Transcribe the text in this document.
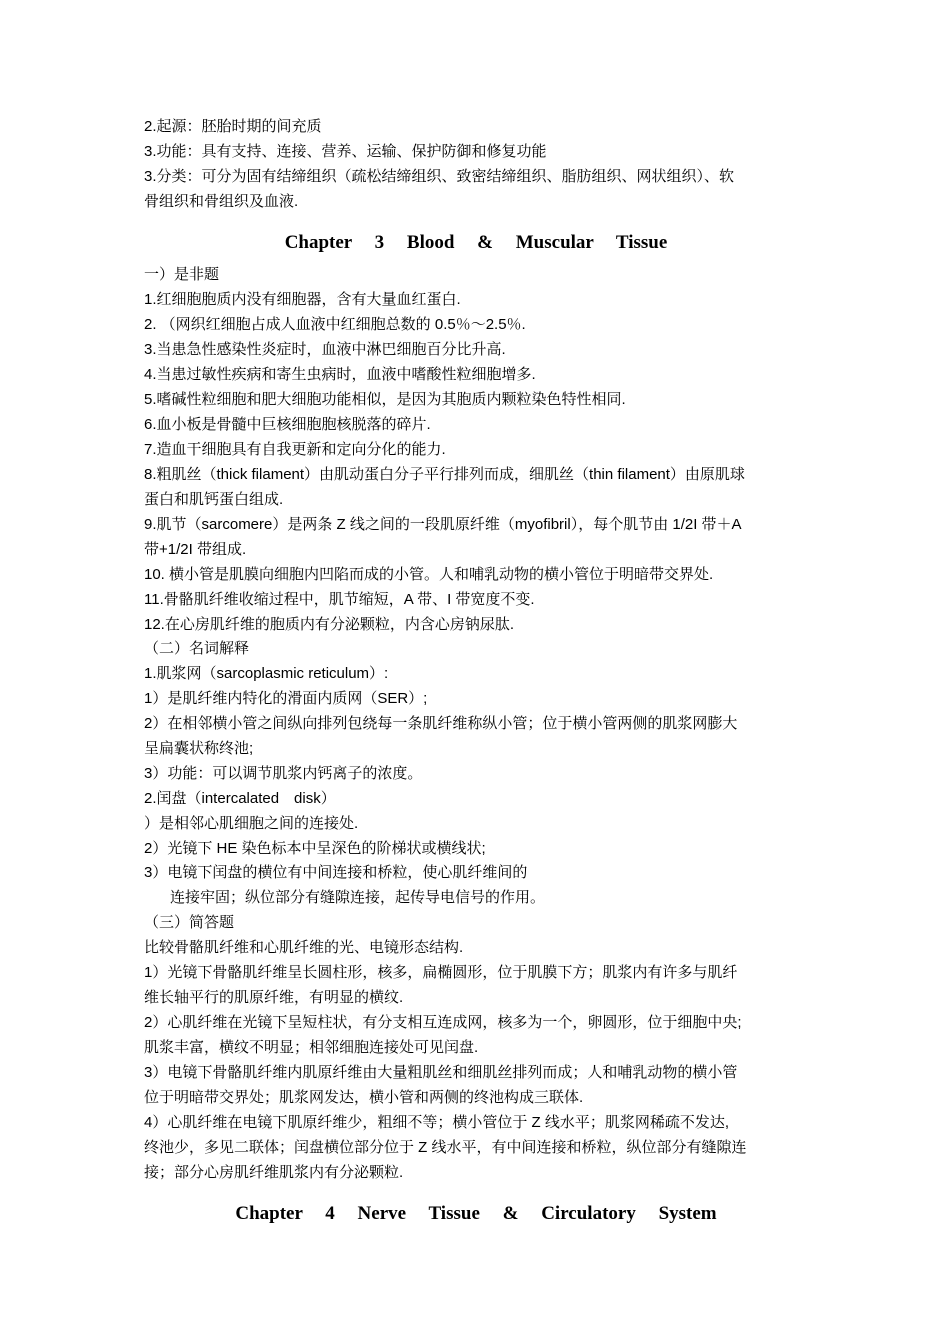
2.起源：胚胎时期的间充质
3.功能：具有支持、连接、营养、运输、保护防御和修复功能
3.分类：可分为固有结缔组织（疏松结缔组织、致密结缔组织、脂肪组织、网状组织）、软
骨组织和骨组织及血液.
Chapter 3 Blood & Muscular Tissue
一）是非题
1.红细胞胞质内没有细胞器，含有大量血红蛋白.
2. （网织红细胞占成人血液中红细胞总数的 0.5％～2.5％.
3.当患急性感染性炎症时，血液中淋巴细胞百分比升高.
4.当患过敏性疾病和寄生虫病时，血液中嗜酸性粒细胞增多.
5.嗜碱性粒细胞和肥大细胞功能相似，是因为其胞质内颗粒染色特性相同.
6.血小板是骨髓中巨核细胞胞核脱落的碎片.
7.造血干细胞具有自我更新和定向分化的能力.
8.粗肌丝（thick filament）由肌动蛋白分子平行排列而成，细肌丝（thin filament）由原肌球
蛋白和肌钙蛋白组成.
9.肌节（sarcomere）是两条 Z 线之间的一段肌原纤维（myofibril），每个肌节由 1/2I 带＋A
带+1/2I 带组成.
10. 横小管是肌膜向细胞内凹陷而成的小管。人和哺乳动物的横小管位于明暗带交界处.
11.骨骼肌纤维收缩过程中，肌节缩短，A 带、I 带宽度不变.
12.在心房肌纤维的胞质内有分泌颗粒，内含心房钠尿肽.
（二）名词解释
1.肌浆网（sarcoplasmic reticulum）:
1）是肌纤维内特化的滑面内质网（SER）;
2）在相邻横小管之间纵向排列包绕每一条肌纤维称纵小管；位于横小管两侧的肌浆网膨大
呈扁囊状称终池;
3）功能：可以调节肌浆内钙离子的浓度。
2.闰盘（intercalated　disk）
）是相邻心肌细胞之间的连接处.
2）光镜下 HE 染色标本中呈深色的阶梯状或横线状;
3）电镜下闰盘的横位有中间连接和桥粒，使心肌纤维间的
连接牢固；纵位部分有缝隙连接，起传导电信号的作用。
（三）简答题
比较骨骼肌纤维和心肌纤维的光、电镜形态结构.
1）光镜下骨骼肌纤维呈长圆柱形，核多，扁椭圆形，位于肌膜下方；肌浆内有许多与肌纤
维长轴平行的肌原纤维，有明显的横纹.
2）心肌纤维在光镜下呈短柱状，有分支相互连成网，核多为一个，卵圆形，位于细胞中央;
肌浆丰富，横纹不明显；相邻细胞连接处可见闰盘.
3）电镜下骨骼肌纤维内肌原纤维由大量粗肌丝和细肌丝排列而成；人和哺乳动物的横小管
位于明暗带交界处；肌浆网发达，横小管和两侧的终池构成三联体.
4）心肌纤维在电镜下肌原纤维少，粗细不等；横小管位于 Z 线水平；肌浆网稀疏不发达,
终池少，多见二联体；闰盘横位部分位于 Z 线水平，有中间连接和桥粒，纵位部分有缝隙连
接；部分心房肌纤维肌浆内有分泌颗粒.
Chapter 4 Nerve Tissue & Circulatory System
